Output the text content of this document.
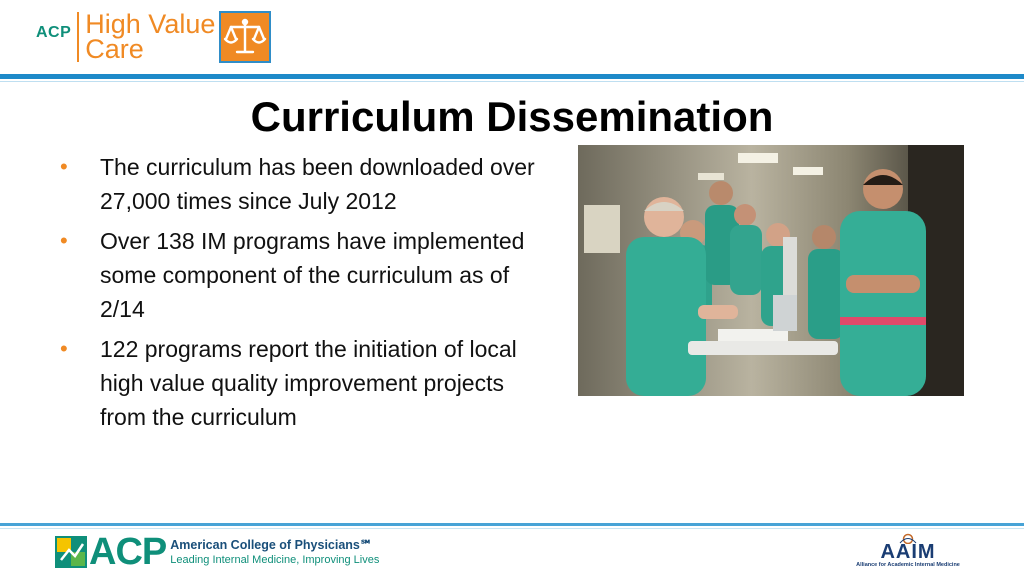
ACP High Value
Care
Curriculum Dissemination
• The curriculum has been downloaded over 27,000 times since July 2012
• Over 138 IM programs have implemented some component of the curriculum as of 2/14
• 122 programs report the initiation of local high value quality improvement projects from the curriculum
ACP American College of Physicians℠
Leading Internal Medicine, Improving Lives	AAIM
Alliance for Academic Internal Medicine
